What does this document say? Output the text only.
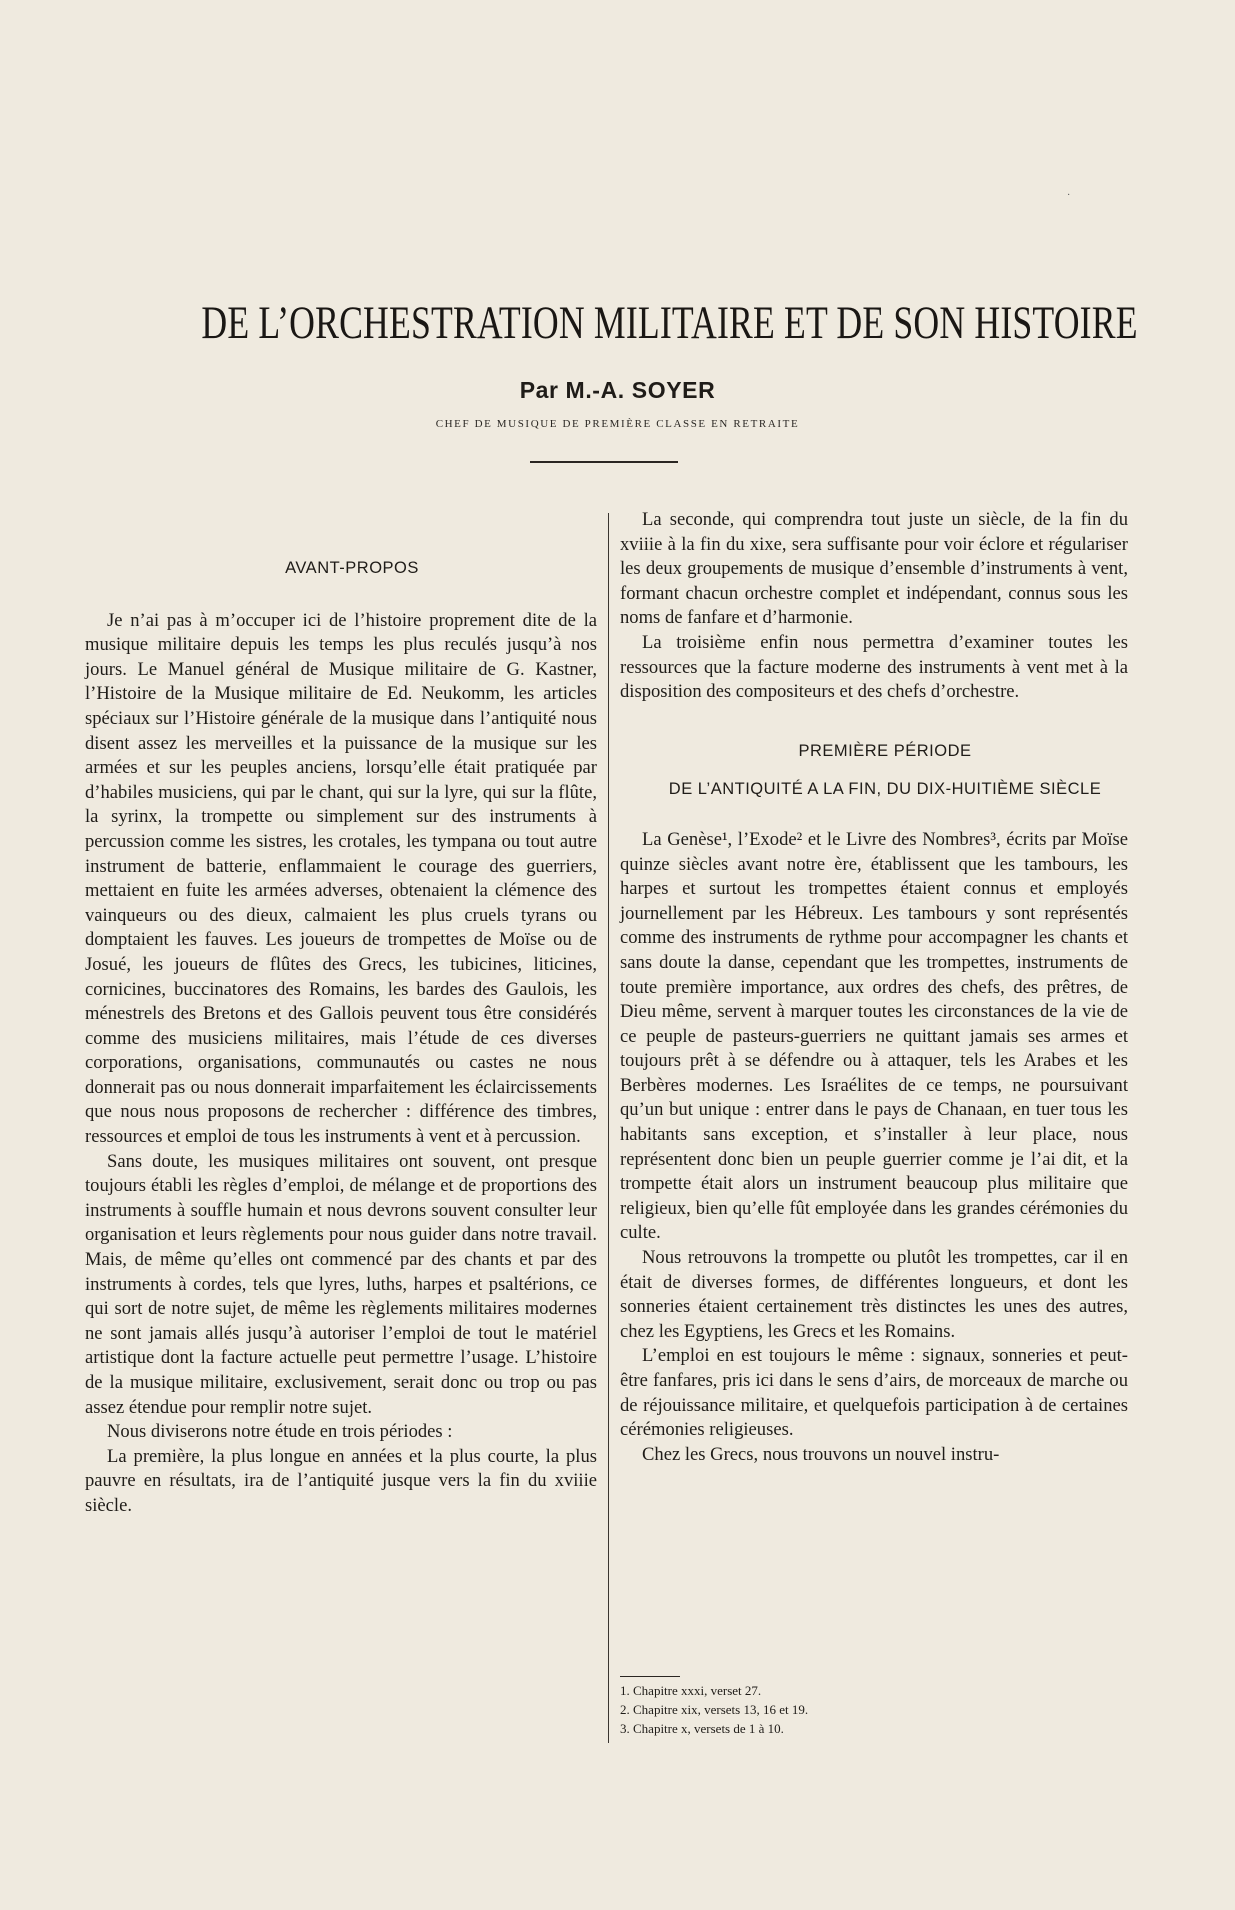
·
DE L’ORCHESTRATION MILITAIRE ET DE SON HISTOIRE
Par M.-A. SOYER
CHEF DE MUSIQUE DE PREMIÈRE CLASSE EN RETRAITE

AVANT-PROPOS

Je n’ai pas à m’occuper ici de l’histoire proprement dite de la musique militaire depuis les temps les plus reculés jusqu’à nos jours. Le Manuel général de Musique militaire de G. Kastner, l’Histoire de la Musique militaire de Ed. Neukomm, les articles spéciaux sur l’Histoire générale de la musique dans l’antiquité nous disent assez les merveilles et la puissance de la musique sur les armées et sur les peuples anciens, lorsqu’elle était pratiquée par d’habiles musiciens, qui par le chant, qui sur la lyre, qui sur la flûte, la syrinx, la trompette ou simplement sur des instruments à percussion comme les sistres, les crotales, les tympana ou tout autre instrument de batterie, enflammaient le courage des guerriers, mettaient en fuite les armées adverses, obtenaient la clémence des vainqueurs ou des dieux, calmaient les plus cruels tyrans ou domptaient les fauves. Les joueurs de trompettes de Moïse ou de Josué, les joueurs de flûtes des Grecs, les tubicines, liticines, cornicines, buccinatores des Romains, les bardes des Gaulois, les ménestrels des Bretons et des Gallois peuvent tous être considérés comme des musiciens militaires, mais l’étude de ces diverses corporations, organisations, communautés ou castes ne nous donnerait pas ou nous donnerait imparfaitement les éclaircissements que nous nous proposons de rechercher : différence des timbres, ressources et emploi de tous les instruments à vent et à percussion.

Sans doute, les musiques militaires ont souvent, ont presque toujours établi les règles d’emploi, de mélange et de proportions des instruments à souffle humain et nous devrons souvent consulter leur organisation et leurs règlements pour nous guider dans notre travail. Mais, de même qu’elles ont commencé par des chants et par des instruments à cordes, tels que lyres, luths, harpes et psaltérions, ce qui sort de notre sujet, de même les règlements militaires modernes ne sont jamais allés jusqu’à autoriser l’emploi de tout le matériel artistique dont la facture actuelle peut permettre l’usage. L’histoire de la musique militaire, exclusivement, serait donc ou trop ou pas assez étendue pour remplir notre sujet.

Nous diviserons notre étude en trois périodes :

La première, la plus longue en années et la plus courte, la plus pauvre en résultats, ira de l’antiquité jusque vers la fin du xviiie siècle.

La seconde, qui comprendra tout juste un siècle, de la fin du xviiie à la fin du xixe, sera suffisante pour voir éclore et régulariser les deux groupements de musique d’ensemble d’instruments à vent, formant chacun orchestre complet et indépendant, connus sous les noms de fanfare et d’harmonie.

La troisième enfin nous permettra d’examiner toutes les ressources que la facture moderne des instruments à vent met à la disposition des compositeurs et des chefs d’orchestre.

PREMIÈRE PÉRIODE

DE L’ANTIQUITÉ A LA FIN, DU DIX-HUITIÈME SIÈCLE

La Genèse¹, l’Exode² et le Livre des Nombres³, écrits par Moïse quinze siècles avant notre ère, établissent que les tambours, les harpes et surtout les trompettes étaient connus et employés journellement par les Hébreux. Les tambours y sont représentés comme des instruments de rythme pour accompagner les chants et sans doute la danse, cependant que les trompettes, instruments de toute première importance, aux ordres des chefs, des prêtres, de Dieu même, servent à marquer toutes les circonstances de la vie de ce peuple de pasteurs-guerriers ne quittant jamais ses armes et toujours prêt à se défendre ou à attaquer, tels les Arabes et les Berbères modernes. Les Israélites de ce temps, ne poursuivant qu’un but unique : entrer dans le pays de Chanaan, en tuer tous les habitants sans exception, et s’installer à leur place, nous représentent donc bien un peuple guerrier comme je l’ai dit, et la trompette était alors un instrument beaucoup plus militaire que religieux, bien qu’elle fût employée dans les grandes cérémonies du culte.

Nous retrouvons la trompette ou plutôt les trompettes, car il en était de diverses formes, de différentes longueurs, et dont les sonneries étaient certainement très distinctes les unes des autres, chez les Egyptiens, les Grecs et les Romains.

L’emploi en est toujours le même : signaux, sonneries et peut-être fanfares, pris ici dans le sens d’airs, de morceaux de marche ou de réjouissance militaire, et quelquefois participation à de certaines cérémonies religieuses.

Chez les Grecs, nous trouvons un nouvel instru-

1. Chapitre xxxi, verset 27.
2. Chapitre xix, versets 13, 16 et 19.
3. Chapitre x, versets de 1 à 10.
